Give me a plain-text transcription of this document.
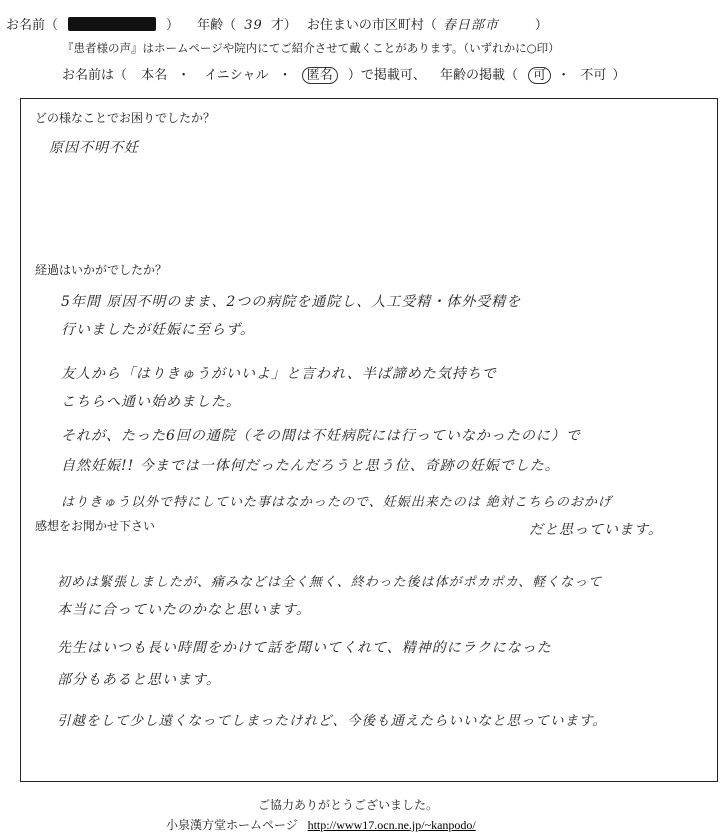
お名前（	） 年齢（ 39 才） お住まいの市区町村（ 春日部市	）
『患者様の声』はホームページや院内にてご紹介させて戴くことがあります。（いずれかに○印）
お名前は（ 本名 ・ イニシャル ・ 匿名 ）で掲載可、 年齢の掲載（ 可 ・ 不可 ）
どの様なことでお困りでしたか？
原因不明不妊
経過はいかがでしたか？
5年間 原因不明のまま、2つの病院を通院し、人工受精・体外受精を
行いましたが妊娠に至らず。
友人から「はりきゅうがいいよ」と言われ、半ば諦めた気持ちで
こちらへ通い始めました。
それが、たった6回の通院（その間は不妊病院には行っていなかったのに）で
自然妊娠!! 今までは一体何だったんだろうと思う位、奇跡の妊娠でした。
はりきゅう以外で特にしていた事はなかったので、妊娠出来たのは 絶対こちらのおかげ
だと思っています。
感想をお聞かせ下さい
初めは緊張しましたが、痛みなどは全く無く、終わった後は体がポカポカ、軽くなって
本当に合っていたのかなと思います。
先生はいつも長い時間をかけて話を聞いてくれて、精神的にラクになった
部分もあると思います。
引越をして少し遠くなってしまったけれど、今後も通えたらいいなと思っています。
ご協力ありがとうございました。
小泉漢方堂ホームページ http://www17.ocn.ne.jp/~kanpodo/
